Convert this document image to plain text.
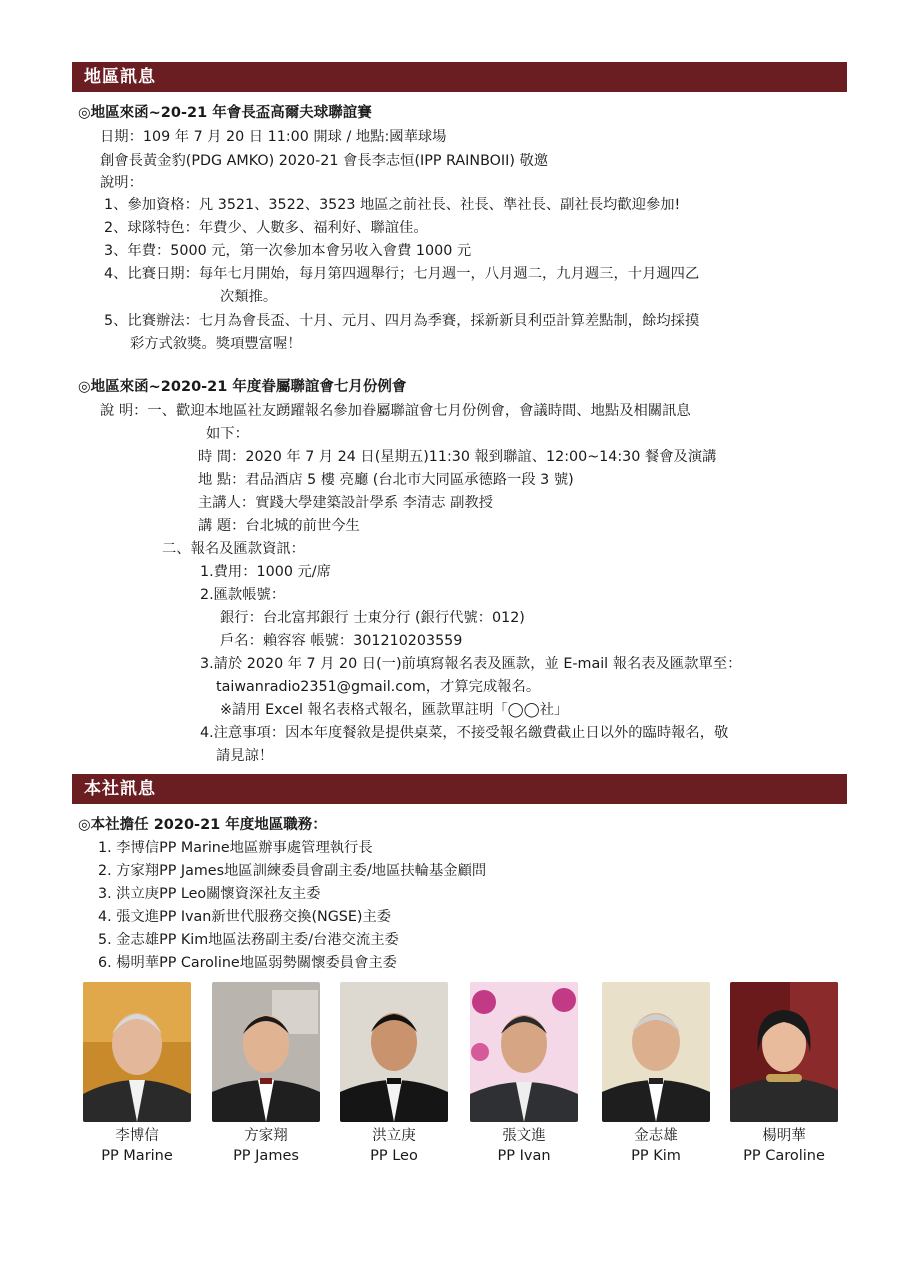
地區訊息
◎地區來函~20-21 年會長盃高爾夫球聯誼賽
日期：109 年 7 月 20 日 11:00 開球 / 地點:國華球場
創會長黃金豹(PDG AMKO) 2020-21 會長李志恒(IPP RAINBOII) 敬邀
說明：
1、參加資格：凡 3521、3522、3523 地區之前社長、社長、準社長、副社長均歡迎參加!
2、球隊特色：年費少、人數多、福利好、聯誼佳。
3、年費：5000 元，第一次參加本會另收入會費 1000 元
4、比賽日期：每年七月開始，每月第四週舉行；七月週一，八月週二，九月週三，十月週四乙
次類推。
5、比賽辦法：七月為會長盃、十月、元月、四月為季賽，採新新貝利亞計算差點制，餘均採摸
彩方式敘獎。獎項豐富喔！
◎地區來函~2020-21 年度眷屬聯誼會七月份例會
說 明：一、歡迎本地區社友踴躍報名參加眷屬聯誼會七月份例會，會議時間、地點及相關訊息
如下：
時 間：2020 年 7 月 24 日(星期五)11:30 報到聯誼、12:00~14:30 餐會及演講
地 點：君品酒店 5 樓 亮廳 (台北市大同區承德路一段 3 號)
主講人：實踐大學建築設計學系 李清志 副教授
講 題：台北城的前世今生
二、報名及匯款資訊：
1.費用：1000 元/席
2.匯款帳號：
銀行：台北富邦銀行 士東分行 (銀行代號：012)
戶名：賴容容 帳號：301210203559
3.請於 2020 年 7 月 20 日(一)前填寫報名表及匯款，並 E-mail 報名表及匯款單至：
taiwanradio2351@gmail.com，才算完成報名。
※請用 Excel 報名表格式報名，匯款單註明「◯◯社」
4.注意事項：因本年度餐敘是提供桌菜，不接受報名繳費截止日以外的臨時報名，敬
請見諒！
本社訊息
◎本社擔任 2020-21 年度地區職務：
1. 李博信PP Marine地區辦事處管理執行長
2. 方家翔PP James地區訓練委員會副主委/地區扶輪基金顧問
3. 洪立庚PP Leo關懷資深社友主委
4. 張文進PP Ivan新世代服務交換(NGSE)主委
5. 金志雄PP Kim地區法務副主委/台港交流主委
6. 楊明華PP Caroline地區弱勢關懷委員會主委
李博信
PP Marine
方家翔
PP James
洪立庚
PP Leo
張文進
PP Ivan
金志雄
PP Kim
楊明華
PP Caroline
